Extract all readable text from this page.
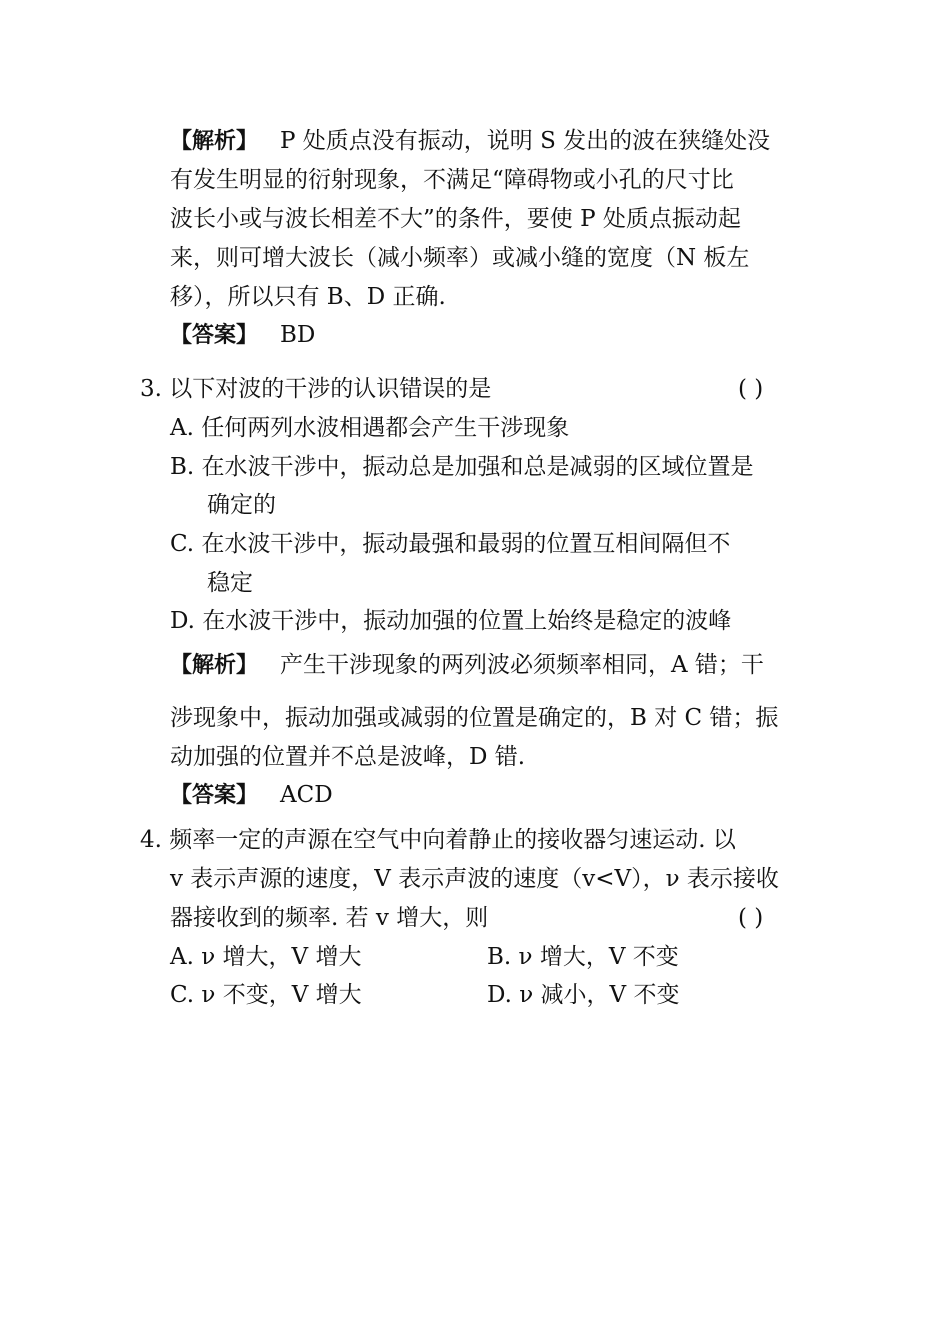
【解析】 P 处质点没有振动，说明 S 发出的波在狭缝处没
有发生明显的衍射现象，不满足“障碍物或小孔的尺寸比
波长小或与波长相差不大”的条件，要使 P 处质点振动起
来，则可增大波长（减小频率）或减小缝的宽度（N 板左
移），所以只有 B、D 正确.
【答案】 BD
3. 以下对波的干涉的认识错误的是	( )
A. 任何两列水波相遇都会产生干涉现象
B. 在水波干涉中，振动总是加强和总是减弱的区域位置是
确定的
C. 在水波干涉中，振动最强和最弱的位置互相间隔但不
稳定
D. 在水波干涉中，振动加强的位置上始终是稳定的波峰
【解析】 产生干涉现象的两列波必须频率相同，A 错；干
涉现象中，振动加强或减弱的位置是确定的，B 对 C 错；振
动加强的位置并不总是波峰，D 错.
【答案】 ACD
4. 频率一定的声源在空气中向着静止的接收器匀速运动. 以
v 表示声源的速度，V 表示声波的速度（v<V），ν 表示接收
器接收到的频率. 若 v 增大，则	( )
A. ν 增大，V 增大	B. ν 增大，V 不变
C. ν 不变，V 增大	D. ν 减小，V 不变
